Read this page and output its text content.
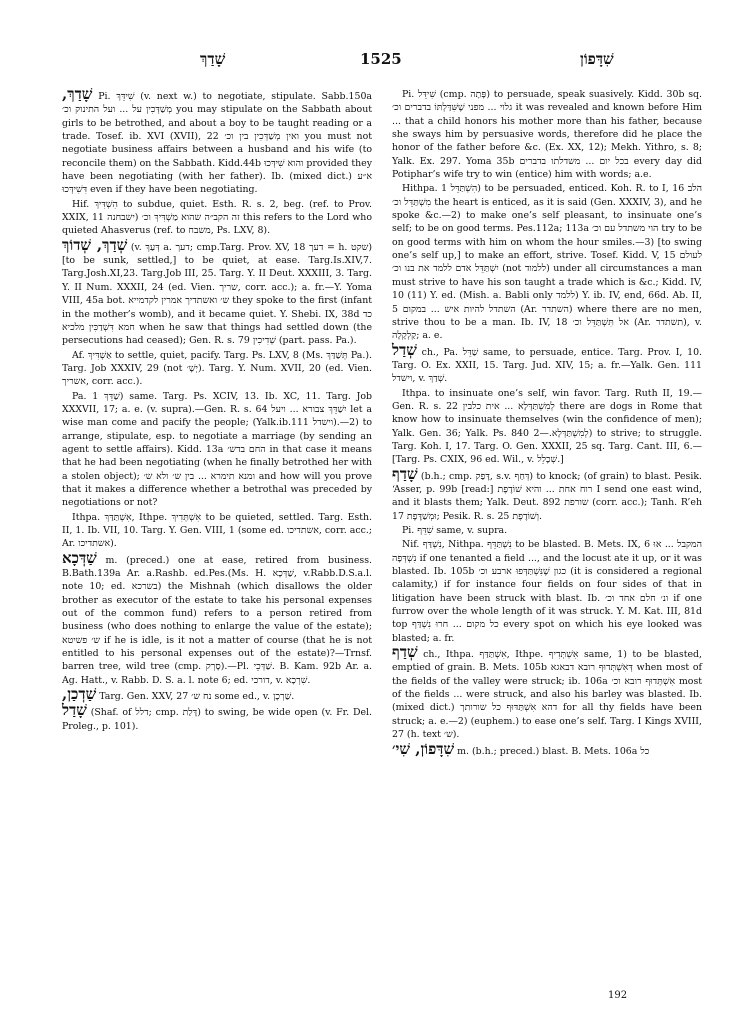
שָׁדַךְ	1525	שִׁדָּפוֹן

שָׁדַךְ, Pi. שִׁידֵּךְ (v. next w.) to negotiate, stipulate. Sabb.150a מְשַׁדְּכִין על ... ועל התינוק וכ׳ you may stipulate on the Sabbath about girls to be betrothed, and about a boy to be taught reading or a trade. Tosef. ib. XVI (XVII), 22 ואין מְשַׁדְּכִין בין וכ׳ you must not negotiate business affairs between a husband and his wife (to reconcile them) on the Sabbath. Kidd.44b והוא שִׁידְּכוּ provided they have been negotiating (with her father). Ib. (mixed dict.) א״ע דִּשִׁידְּכוּ even if they have been negotiating.

Hif. הִשְׁדִּיךְ to subdue, quiet. Esth. R. s. 2, beg. (ref. to Prov. XXIX, 11 ישבחנה) זה הקב״ה שהוא מַשְׁדִּיךְ וכ׳ this refers to the Lord who quieted Ahasverus (ref. to משבח, Ps. LXV, 8).

שְׁדַךְ, שְׁדוֹךְ (v. דְּעַךְ a. דעך; cmp.Targ. Prov. XV, 18 דעך = h. שקט) [to be sunk, settled,] to be quiet, at ease. Targ.Is.XIV,7. Targ.Josh.XI,23. Targ.Job III, 25. Targ. Y. II Deut. XXXIII, 3. Targ. Y. II Num. XXXII, 24 (ed. Vien. שריך, corr. acc.); a. fr.—Y. Yoma VIII, 45a bot. ש׳ ואשתדיך אמרין לקדמייא they spoke to the first (infant in the mother’s womb), and it became quiet. Y. Shebi. IX, 38d כד חמא דִּשְׁדַכִּין מלכיא when he saw that things had settled down (the persecutions had ceased); Gen. R. s. 79 שְׁדִיכִין (part. pass. Pa.).

Af. אַשְׁדִּיךְ to settle, quiet, pacify. Targ. Ps. LXV, 8 (Ms. תְּשַׁדַּךְ Pa.). Targ. Job XXXIV, 29 (not יְשָׁ׳). Targ. Y. Num. XVII, 20 (ed. Vien. אשריך, corr. acc.).

Pa. שַׁדֵּךְ 1) same. Targ. Ps. XCIV, 13. Ib. XC, 11. Targ. Job XXXVII, 17; a. e. (v. supra).—Gen. R. s. 64 יִשַׁדֵּךְ צבורא ... ויעל let a wise man come and pacify the people; (Yalk.ib.111 וישדל).—2) to arrange, stipulate, esp. to negotiate a marriage (by sending an agent to settle affairs). Kidd. 13a החם בדש׳ in that case it means that he had been negotiating (when he finally betrothed her with a stolen object); ומנא תימרא ... בין ש׳ ולא ש׳ and how will you prove that it makes a difference whether a betrothal was preceded by negotiations or not?

Ithpa. אִשְׁתַּדַּךְ, Ithpe. אִשְׁתְּדִיךְ to be quieted, settled. Targ. Esth. II, 1. Ib. VII, 10. Targ. Y. Gen. VIII, 1 (some ed. אשתדיכו, corr. acc.; Ar. אשתדיכו).

שַׁדְּכָא m. (preced.) one at ease, retired from business. B.Bath.139a Ar. a.Rashb. ed.Pes.(Ms. H. שַׁדְּכָא, v.Rabb.D.S.a.l. note 10; ed. בשרכא) the Mishnah (which disallows the older brother as executor of the estate to take his personal expenses out of the common fund) refers to a person retired from business (who does nothing to enlarge the value of the estate); ש׳ פשיטא if he is idle, is it not a matter of course (that he is not entitled to his personal expenses out of the estate)?—Trnsf. barren tree, wild tree (cmp. סָרְק).—Pl. שַׁדְּכֵי. B. Kam. 92b Ar. a. Ag. Hatt., v. Rabb. D. S. a. l. note 6; ed. דורכי, v. שִׁרְכָא.

שַׁדְכַן, Targ. Gen. XXV, 27 נח ש׳ some ed., v. שַׁרְכָן.

שָׁדַל (Shaf. of דלל; cmp. דָּלַת) to swing, be wide open (v. Fr. Del. Proleg., p. 101).

Pi. שִׁידֵּל (cmp. פָּתָה) to persuade, speak suasively. Kidd. 30b sq. גלוי ... מפני שֶׁשִּׁדַּלְתּוֹ בדברים וכ׳ it was revealed and known before Him ... that a child honors his mother more than his father, because she sways him by persuasive words, therefore did he place the honor of the father before &c. (Ex. XX, 12); Mekh. Yithro, s. 8; Yalk. Ex. 297. Yoma 35b בכל יום ... משדלתו בדברים every day did Potiphar’s wife try to win (entice) him with words; a.e.

Hithpa. הִשְׁתַּדֵּל 1) to be persuaded, enticed. Koh. R. to I, 16 הלב מִשְׁתַּדֵּל וכ׳ the heart is enticed, as it is said (Gen. XXXIV, 3), and he spoke &c.—2) to make one’s self pleasant, to insinuate one’s self; to be on good terms. Pes.112a; 113a הוי משתדל עם וכ׳ try to be on good terms with him on whom the hour smiles.—3) [to swing one’s self up,] to make an effort, strive. Tosef. Kidd. V, 15 לעולם יִשְׁתַּדֵּל אדם ללמד את בנו וכ׳ (not ללמוד) under all circumstances a man must strive to have his son taught a trade which is &c.; Kidd. IV, 10 (11) Y. ed. (Mish. a. Babli only ללמד) Y. ib. IV, end, 66d. Ab. II, 5 השתדל להיות איש ... במקום (Ar. השתדר) where there are no men, strive thou to be a man. Ib. IV, 18 אל תִּשְׁתַּדֵּל וכ׳ (Ar. תשתדר), v. קַלְקָלָה; a. e.

שְׁדַל ch., Pa. שַׁדֵּל same, to persuade, entice. Targ. Prov. I, 10. Targ. O. Ex. XXII, 15. Targ. Jud. XIV, 15; a. fr.—Yalk. Gen. 111 וישדל, v. שְׁדַךְ.

Ithpa. to insinuate one’s self, win favor. Targ. Ruth II, 19.—Gen. R. s. 22 לְמִשְׁתַּדְּלָא ... אית כלבין there are dogs in Rome that know how to insinuate themselves (win the confidence of men); Yalk. Gen. 36; Yalk. Ps. 840 לְמִשְׁתַּדְּלָא.—2) to strive; to struggle. Targ. Koh. I, 17. Targ. O. Gen. XXXII, 25 sq. Targ. Cant. III, 6.—[Targ. Ps. CXIX, 96 ed. Wil., v. שְׁכָלֵל.]

שָׁדַף (b.h.; cmp. דָּפַק, s.v. דְּחַף) to knock; (of grain) to blast. Pesik. ‘Asser, p. 99b [read:] רוח אחת ... והיא שׁוֹדֶפֶת I send one east wind, and it blasts them; Yalk. Deut. 892 שורפת (corr. acc.); Tanh. R’eh 17 וּמְשַׁדֶּפֶת; Pesik. R. s. 25 וְשׁוֹדֶפֶת.

Pi. שִׁדֵּף same, v. supra.

Nif. נִשְׁדַּף, Nithpa. נִשְׁתַּדֵּף to be blasted. B. Mets. IX, 6 המקבל ... אוּ נִשְׁדְּפָה if one tenanted a field ..., and the locust ate it up, or it was blasted. Ib. 105b כגון שֶׁנִּשְׁתַּדְּפוּ ארבע וכ׳ (it is considered a regional calamity,) if for instance four fields on four sides of that in litigation have been struck with blast. Ib. ונ׳ חלם אחד וכ׳ if one furrow over the whole length of it was struck. Y. M. Kat. III, 81d top כל מקום ... חרוּ נִשְׁדַּף every spot on which his eye looked was blasted; a. fr.

שְׁדַף ch., Ithpa. אִשְׁתַּדַּף, Ithpe. אִשְׁתְּדִיף same, 1) to be blasted, emptied of grain. B. Mets. 105b דְּאִשְׁתְּדוּף רובא דבאגא when most of the fields of the valley were struck; ib. 106a אִשְׁתְּדוּף רובא וכ׳ most of the fields ... were struck, and also his barley was blasted. Ib. (mixed dict.) דהא אִשְׁתַּדּוּף כל שורותך for all thy fields have been struck; a. e.—2) (euphem.) to ease one’s self. Targ. I Kings XVIII, 27 (h. text ש׳).

שִׁדָּפוֹן, שִׁי׳ m. (b.h.; preced.) blast. B. Mets. 106a כל

192
